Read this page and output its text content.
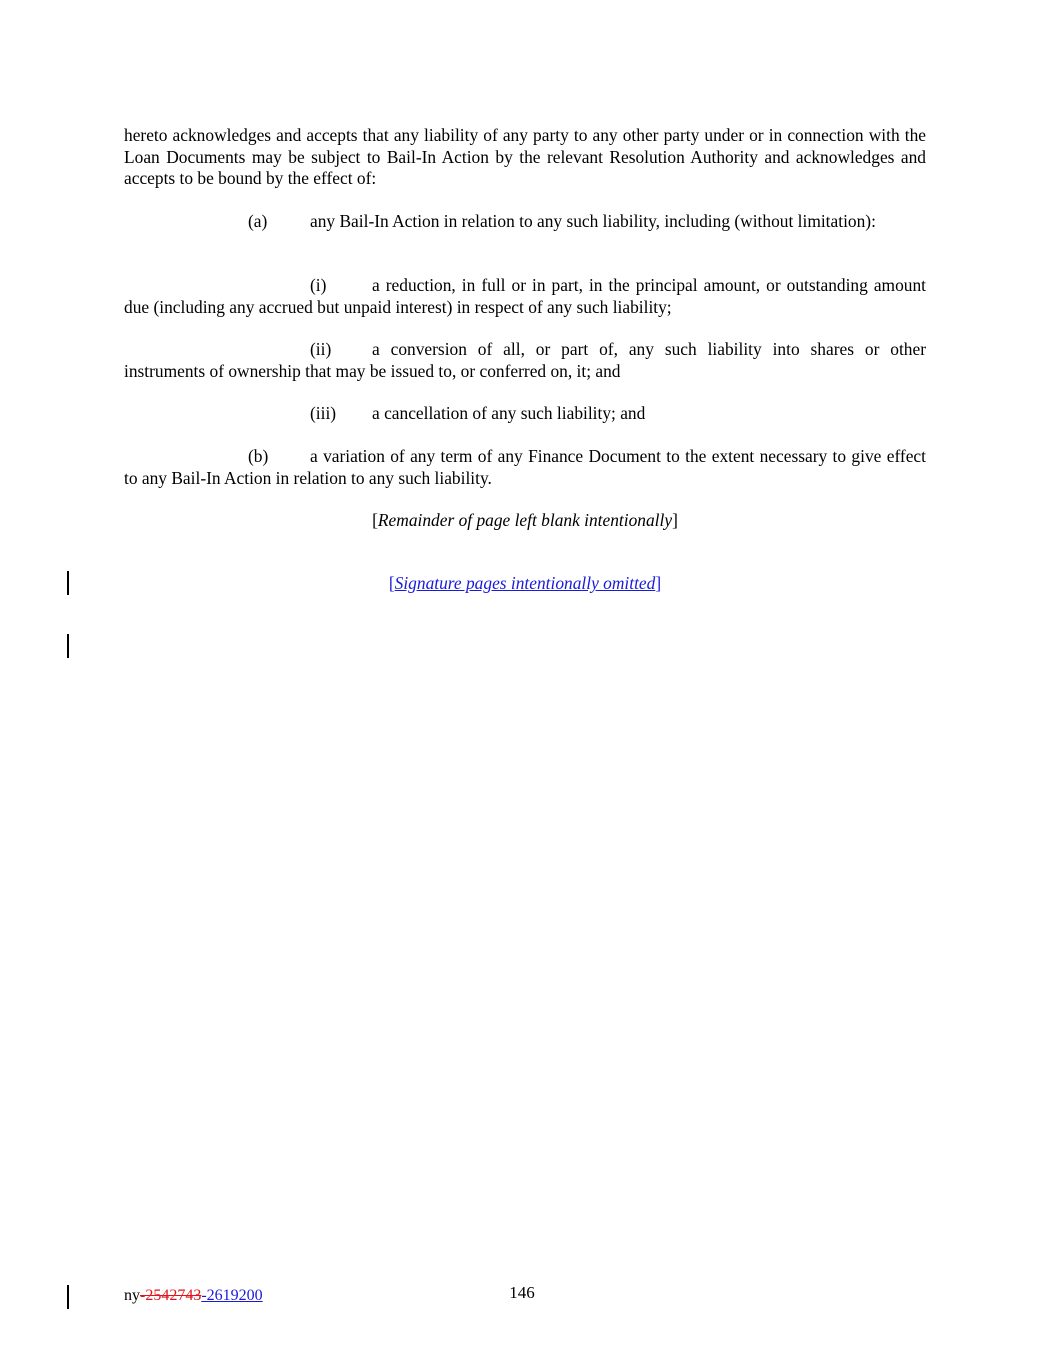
hereto acknowledges and accepts that any liability of any party to any other party under or in connection with the Loan Documents may be subject to Bail-In Action by the relevant Resolution Authority and acknowledges and accepts to be bound by the effect of:

(a) any Bail-In Action in relation to any such liability, including (without limitation):

(i)	a reduction, in full or in part, in the principal amount, or outstanding amount due (including any accrued but unpaid interest) in respect of any such liability;

(ii) a conversion of all, or part of, any such liability into shares or other instruments of ownership that may be issued to, or conferred on, it; and

(iii) a cancellation of any such liability; and

(b) a variation of any term of any Finance Document to the extent necessary to give effect to any Bail-In Action in relation to any such liability.

[Remainder of page left blank intentionally]

[Signature pages intentionally omitted]

ny-2542743-2619200	146
